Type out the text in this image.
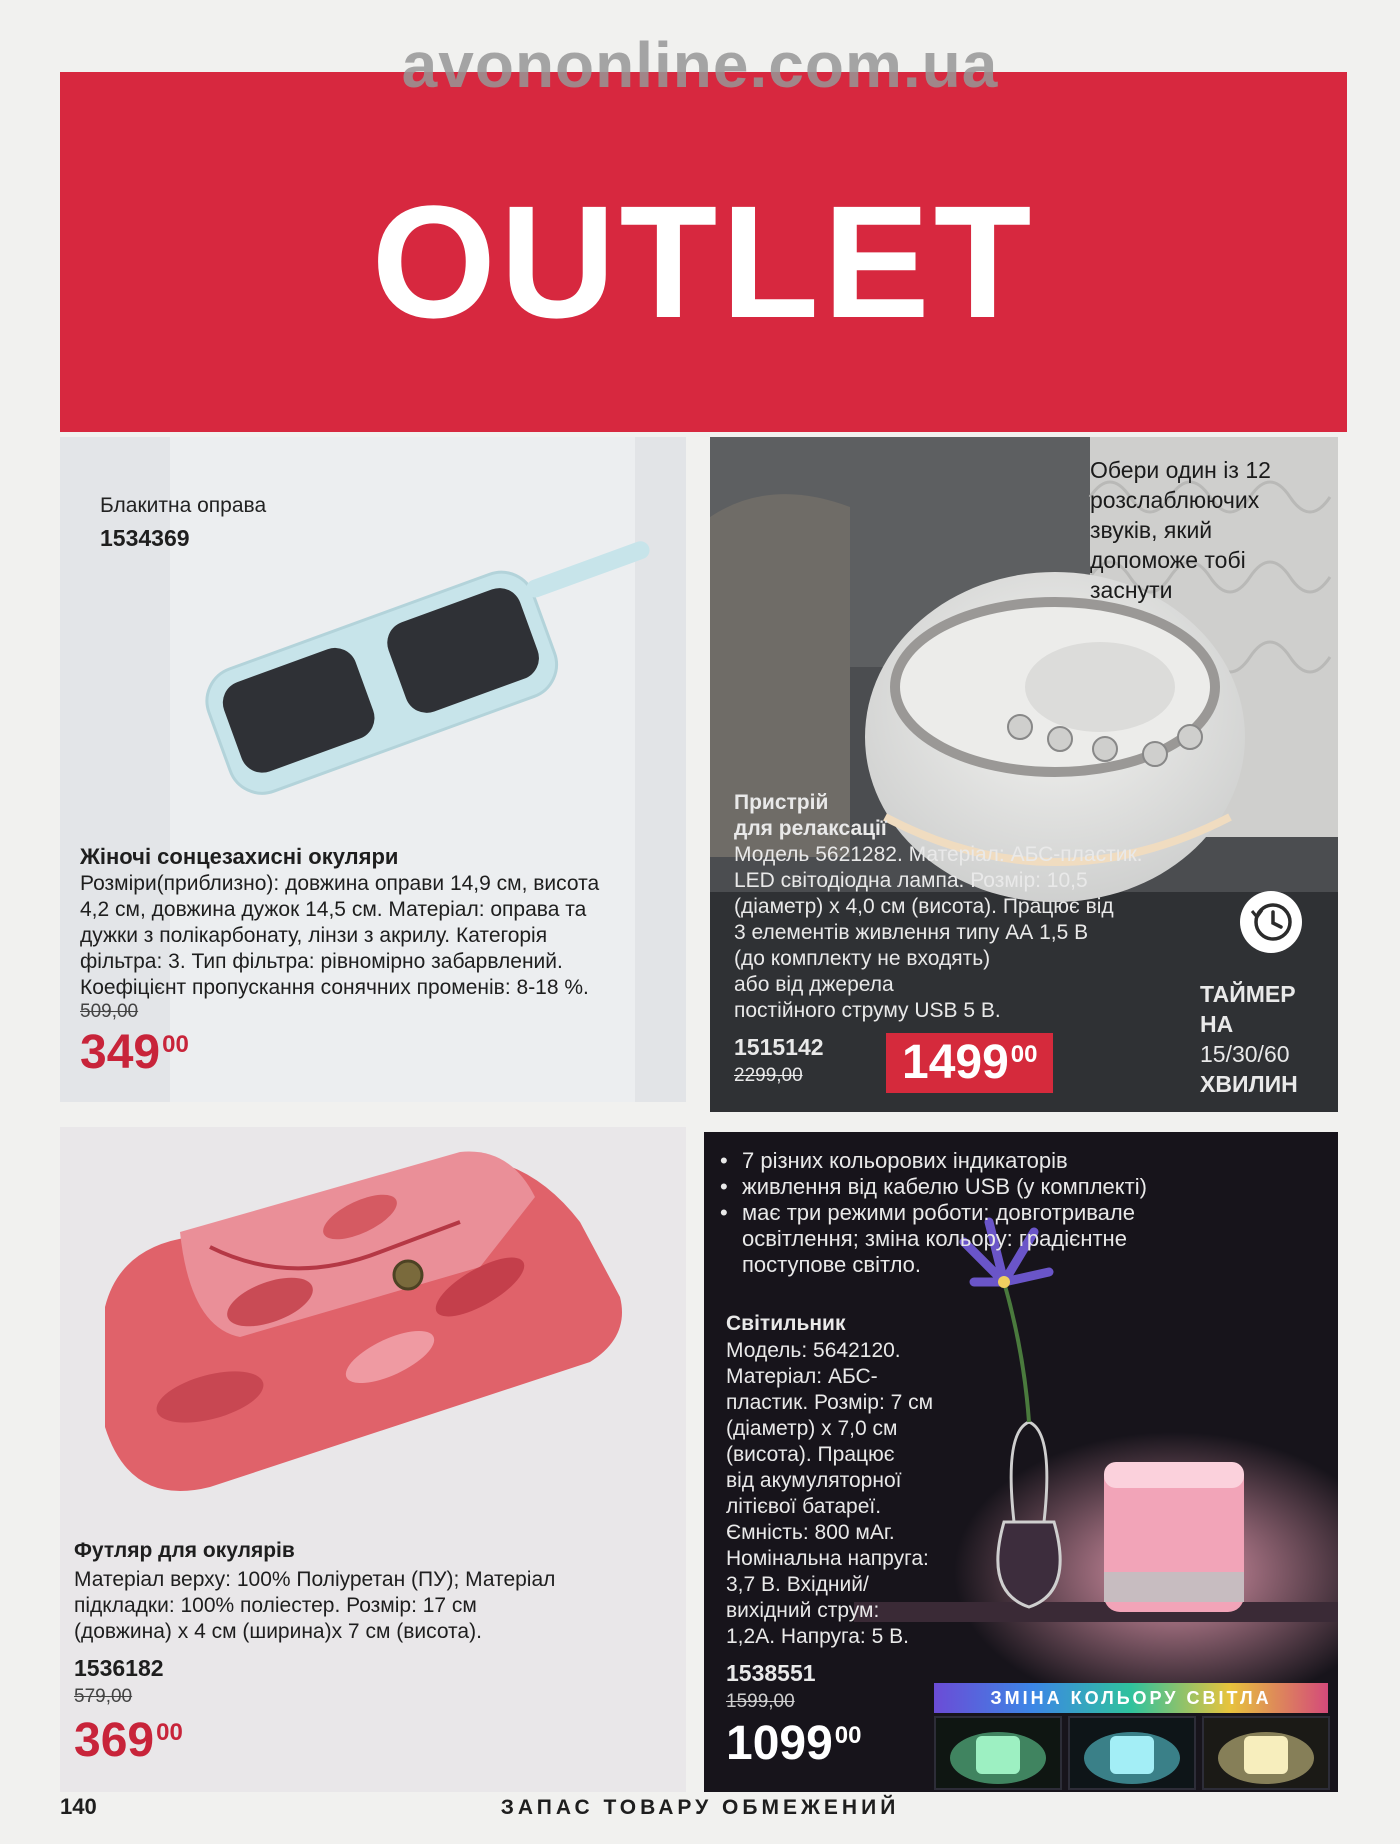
avononline.com.ua
OUTLET
Блакитна оправа
1534369
Жіночі сонцезахисні окуляри
Розміри(приблизно): довжина оправи 14,9 см, висота
4,2 см, довжина дужок 14,5 см. Матеріал: оправа та
дужки з полікарбонату, лінзи з акрилу. Категорія
фільтра: 3. Тип фільтра: рівномірно забарвлений.
Коефіцієнт пропускання сонячних променів: 8-18 %.
509,00
$349^{00}$
Обери один із 12
розслаблюючих
звуків, який
допоможе тобі
заснути
Пристрій
для релаксації
Модель 5621282. Матеріал: АБС-пластик.
LED світодіодна лампа. Розмір: 10,5
(діаметр) x 4,0 см (висота). Працює від
3 елементів живлення типу АА 1,5 В
(до комплекту не входять)
або від джерела
постійного струму USB 5 В.
1515142
2299,00	1499$^{00}$
ТАЙМЕР
НА
15/30/60
ХВИЛИН
Футляр для окулярів
Матеріал верху: 100% Поліуретан (ПУ); Матеріал
підкладки: 100% поліестер. Розмір: 17 см
(довжина) x 4 см (ширина)x 7 см (висота).
1536182
579,00
$369^{00}$
• 7 різних кольорових індикаторів
• живлення від кабелю USB (у комплекті)
• має три режими роботи: довготривале
освітлення; зміна кольору: градієнтне
поступове світло.
Світильник
Модель: 5642120.
Матеріал: АБС-
пластик. Розмір: 7 см
(діаметр) x 7,0 см
(висота). Працює
від акумуляторної
літієвої батареї.
Ємність: 800 мАг.
Номінальна напруга:
3,7 В. Вхідний/
вихідний струм:
1,2А. Напруга: 5 В.
1538551
1599,00
1099$^{00}$
ЗМІНА КОЛЬОРУ СВІТЛА
140	ЗАПАС ТОВАРУ ОБМЕЖЕНИЙ
